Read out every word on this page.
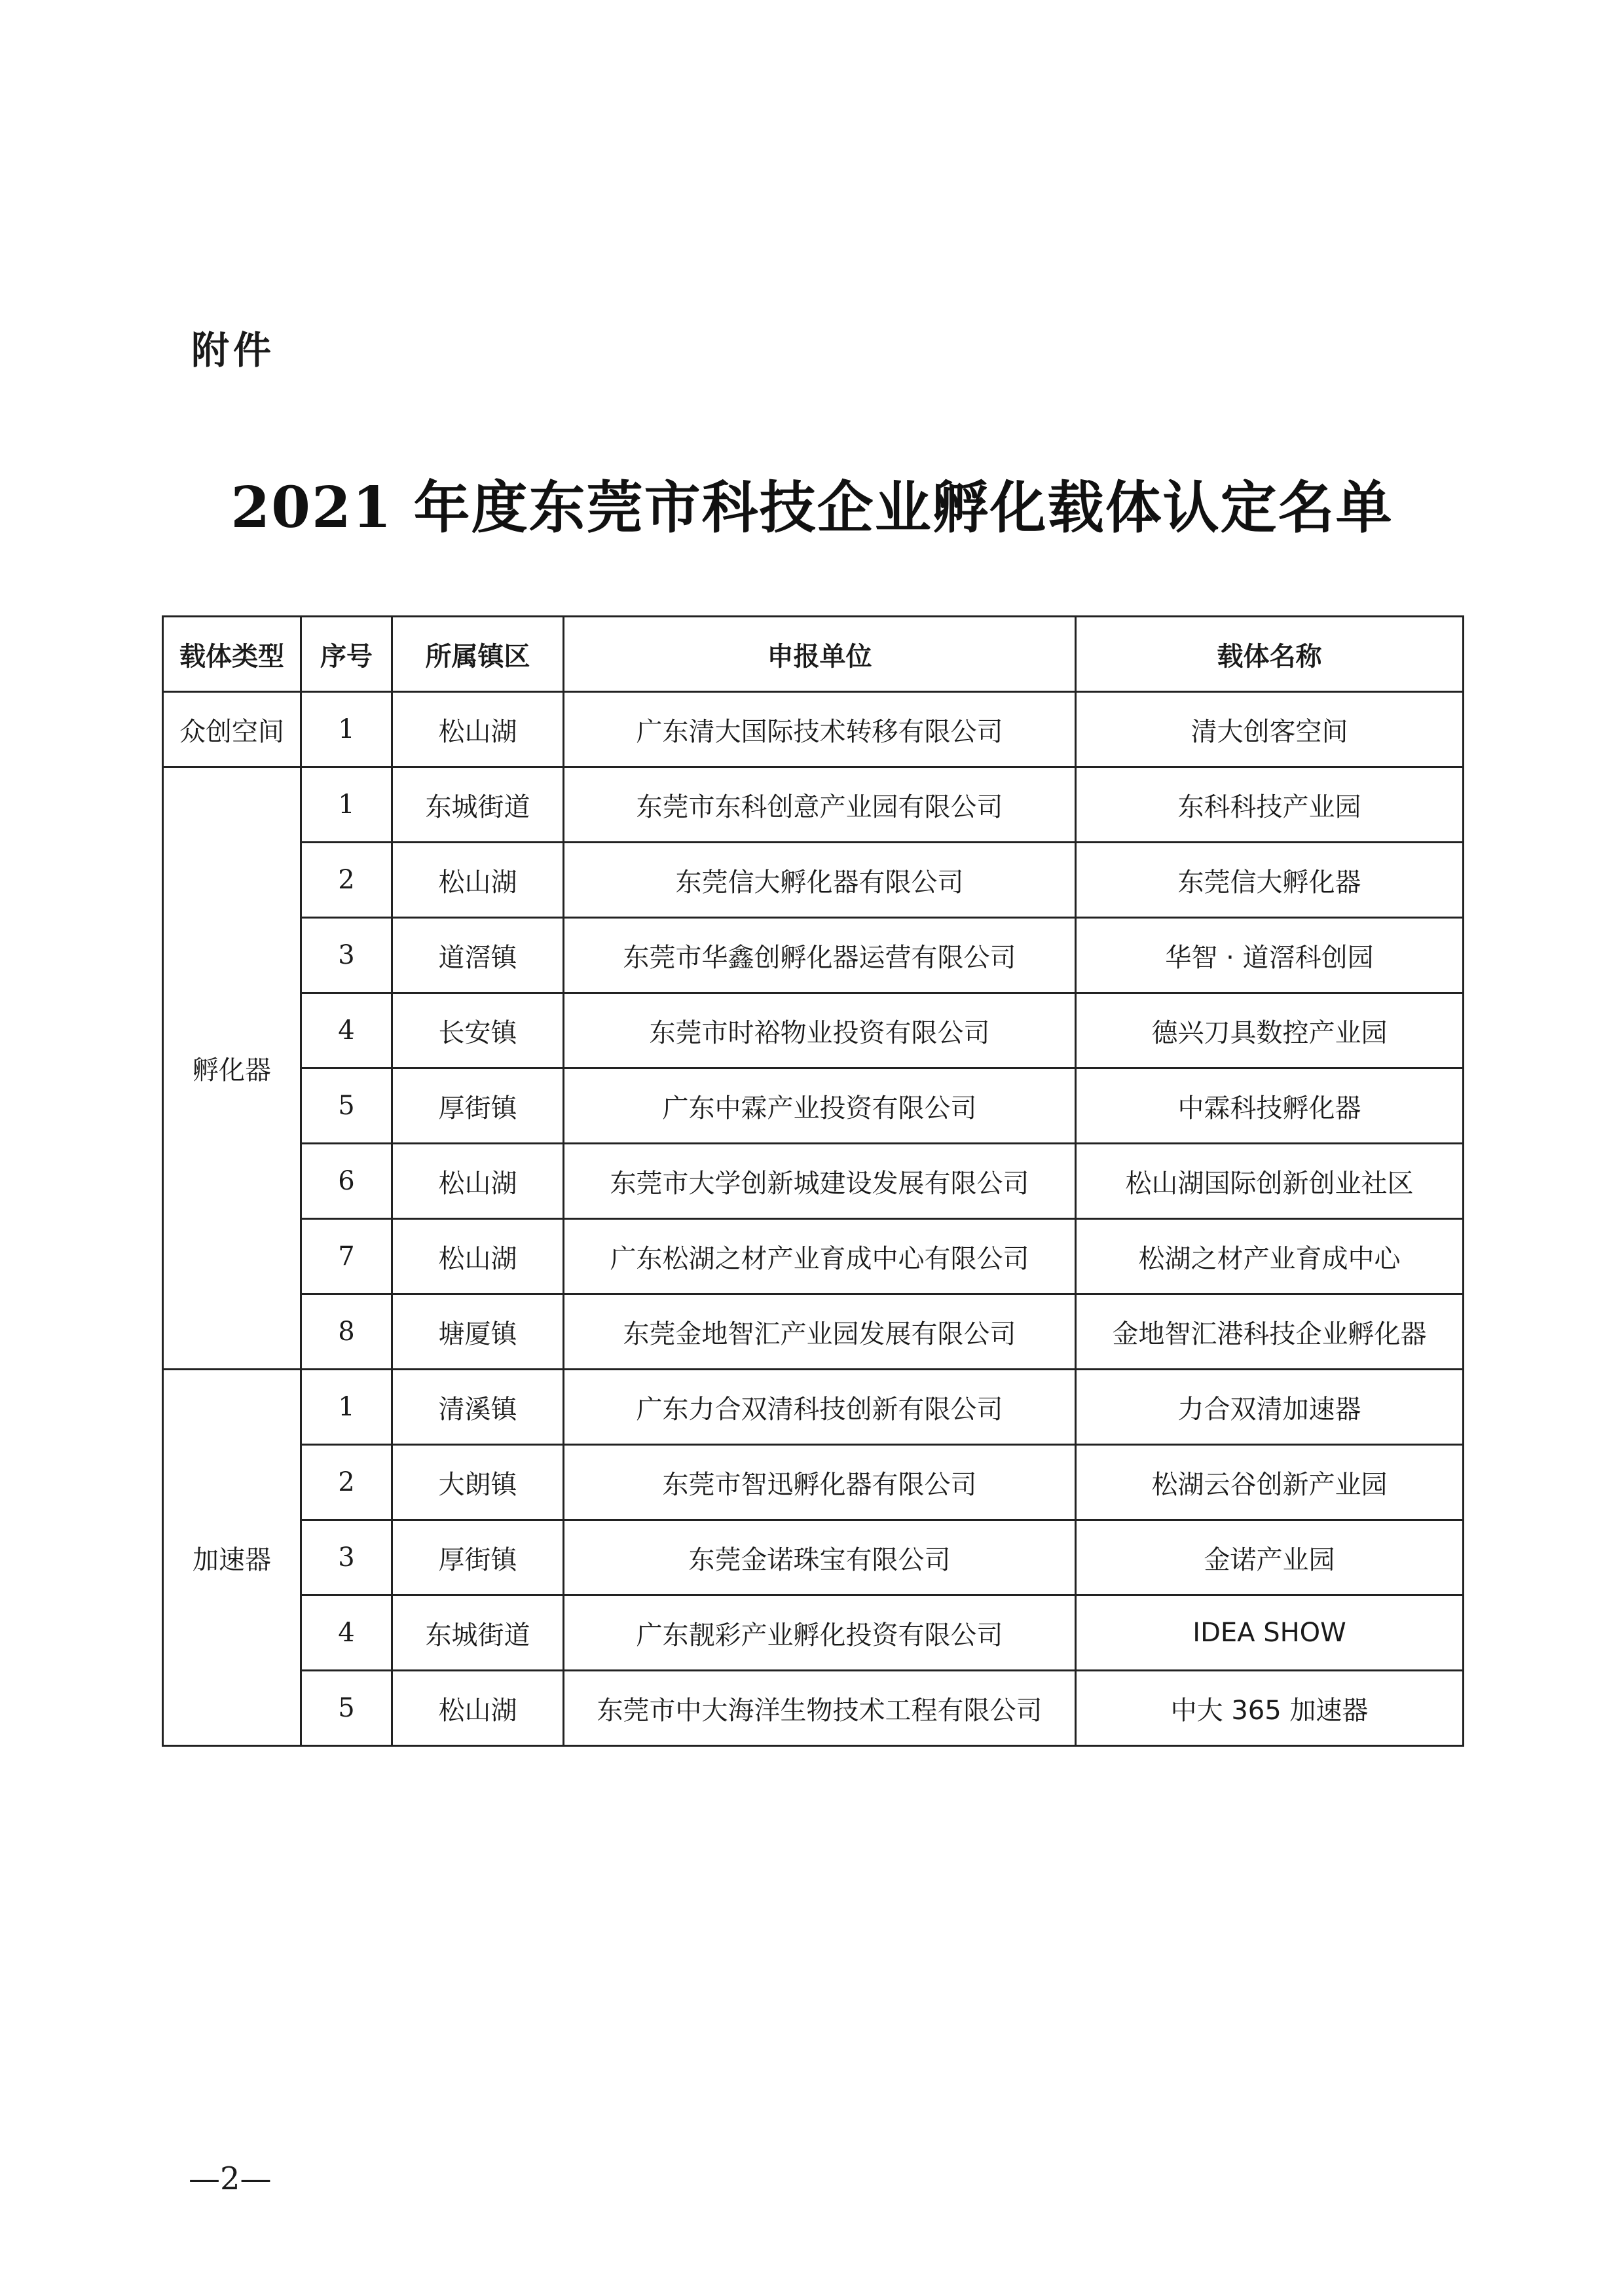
附件
2021 年度东莞市科技企业孵化载体认定名单
载体类型	序号	所属镇区	申报单位	载体名称
众创空间	1	松山湖	广东清大国际技术转移有限公司	清大创客空间
孵化器	1	东城街道	东莞市东科创意产业园有限公司	东科科技产业园
	2	松山湖	东莞信大孵化器有限公司	东莞信大孵化器
	3	道滘镇	东莞市华鑫创孵化器运营有限公司	华智 · 道滘科创园
	4	长安镇	东莞市时裕物业投资有限公司	德兴刀具数控产业园
	5	厚街镇	广东中霖产业投资有限公司	中霖科技孵化器
	6	松山湖	东莞市大学创新城建设发展有限公司	松山湖国际创新创业社区
	7	松山湖	广东松湖之材产业育成中心有限公司	松湖之材产业育成中心
	8	塘厦镇	东莞金地智汇产业园发展有限公司	金地智汇港科技企业孵化器
加速器	1	清溪镇	广东力合双清科技创新有限公司	力合双清加速器
	2	大朗镇	东莞市智迅孵化器有限公司	松湖云谷创新产业园
	3	厚街镇	东莞金诺珠宝有限公司	金诺产业园
	4	东城街道	广东靓彩产业孵化投资有限公司	IDEA SHOW
	5	松山湖	东莞市中大海洋生物技术工程有限公司	中大 365 加速器
—2—
